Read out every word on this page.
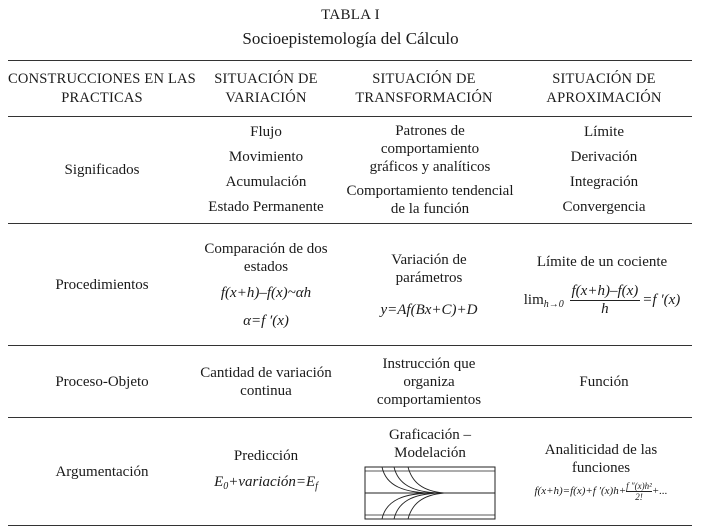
TABLA I
Socioepistemología del Cálculo
CONSTRUCCIONES EN LAS PRACTICAS
SITUACIÓN DE VARIACIÓN
SITUACIÓN DE TRANSFORMACIÓN
SITUACIÓN DE APROXIMACIÓN
Significados
Flujo
Movimiento
Acumulación
Estado Permanente
Patrones de comportamiento gráficos y analíticos
Comportamiento tendencial de la función
Límite
Derivación
Integración
Convergencia
Procedimientos
Comparación de dos estados
f(x+h)–f(x)~αh
α=f ′(x)
Variación de parámetros
y=Af(Bx+C)+D
Límite de un cociente
$\lim_{h\to 0} \frac{f(x+h)-f(x)}{h} =f$ ′(x)
Proceso-Objeto
Cantidad de variación continua
Instrucción que organiza comportamientos
Función
Argumentación
Predicción
$E_0+variación=E_f$
Graficación – Modelación	Analiticidad de las funciones
f(x+h)=f(x)+f $'(x)h+ \frac{\text{f ″(x)h²}}{2!}$ +...
